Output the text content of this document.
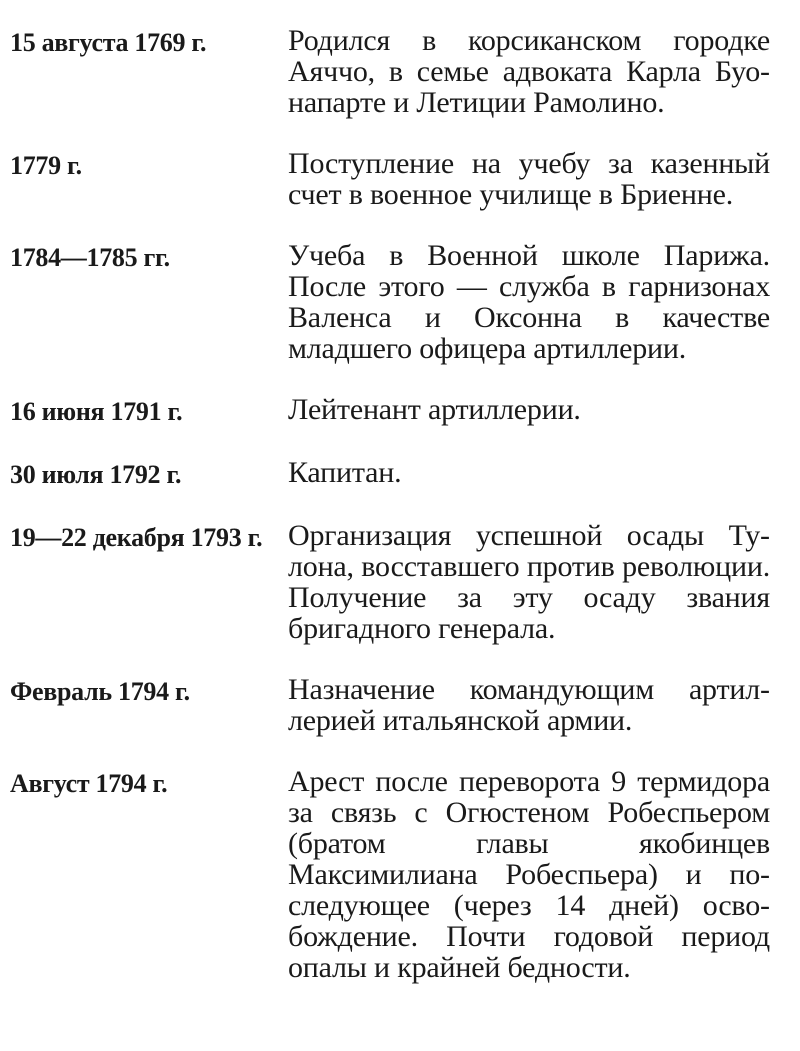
15 августа 1769 г.	Родился в корсиканском городке Аяччо, в семье адвоката Карла Буонапарте и Летиции Рамолино.
1779 г.	Поступление на учебу за казенный счет в военное училище в Бриенне.
1784—1785 гг.	Учеба в Военной школе Парижа. После этого — служба в гарнизонах Валенса и Оксонна в качестве младшего офицера артиллерии.
16 июня 1791 г.	Лейтенант артиллерии.
30 июля 1792 г.	Капитан.
19—22 декабря 1793 г. Организация успешной осады Тулона, восставшего против революции. Получение за эту осаду звания бригадного генерала.
Февраль 1794 г.	Назначение командующим артиллерией итальянской армии.
Август 1794 г.	Арест после переворота 9 термидора за связь с Огюстеном Робеспьером (братом главы якобинцев Максимилиана Робеспьера) и последующее (через 14 дней) освобождение. Почти годовой период опалы и крайней бедности.
